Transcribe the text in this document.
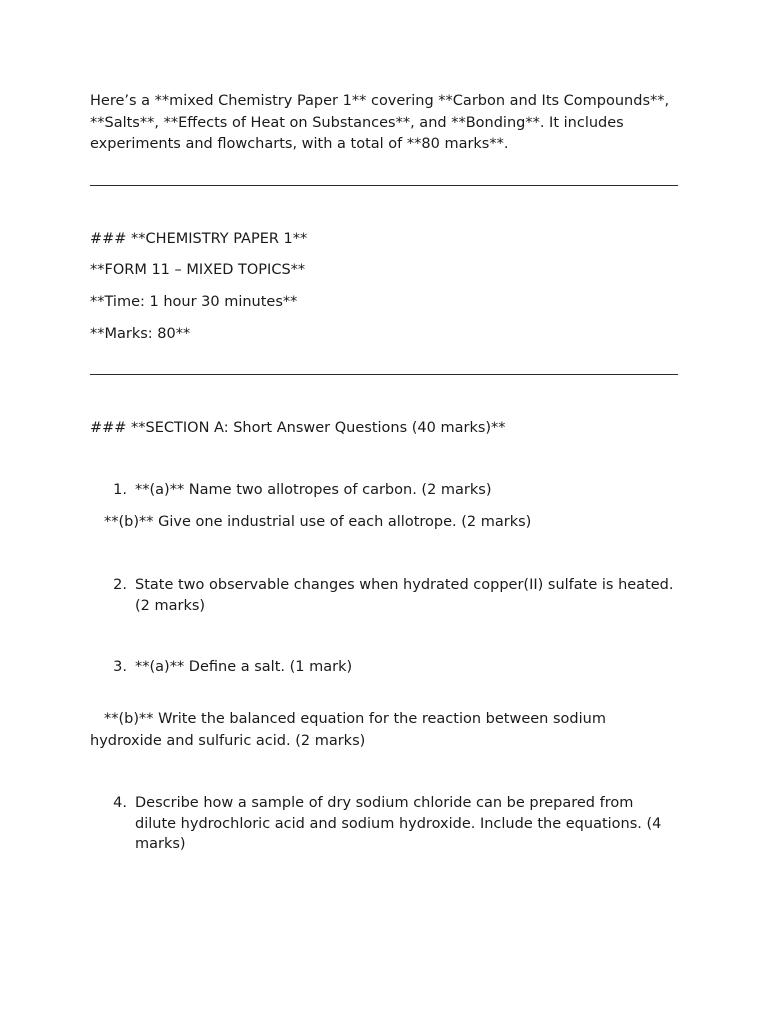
Here’s a **mixed Chemistry Paper 1** covering **Carbon and Its Compounds**, **Salts**, **Effects of Heat on Substances**, and **Bonding**. It includes experiments and flowcharts, with a total of **80 marks**.

### **CHEMISTRY PAPER 1**

**FORM 11 – MIXED TOPICS**

**Time: 1 hour 30 minutes**

**Marks: 80**

### **SECTION A: Short Answer Questions (40 marks)**

1. **(a)** Name two allotropes of carbon. (2 marks)

**(b)** Give one industrial use of each allotrope. (2 marks)

2. State two observable changes when hydrated copper(II) sulfate is heated. (2 marks)
3. **(a)** Define a salt. (1 mark)

**(b)** Write the balanced equation for the reaction between sodium hydroxide and sulfuric acid. (2 marks)

4. Describe how a sample of dry sodium chloride can be prepared from dilute hydrochloric acid and sodium hydroxide. Include the equations. (4 marks)
